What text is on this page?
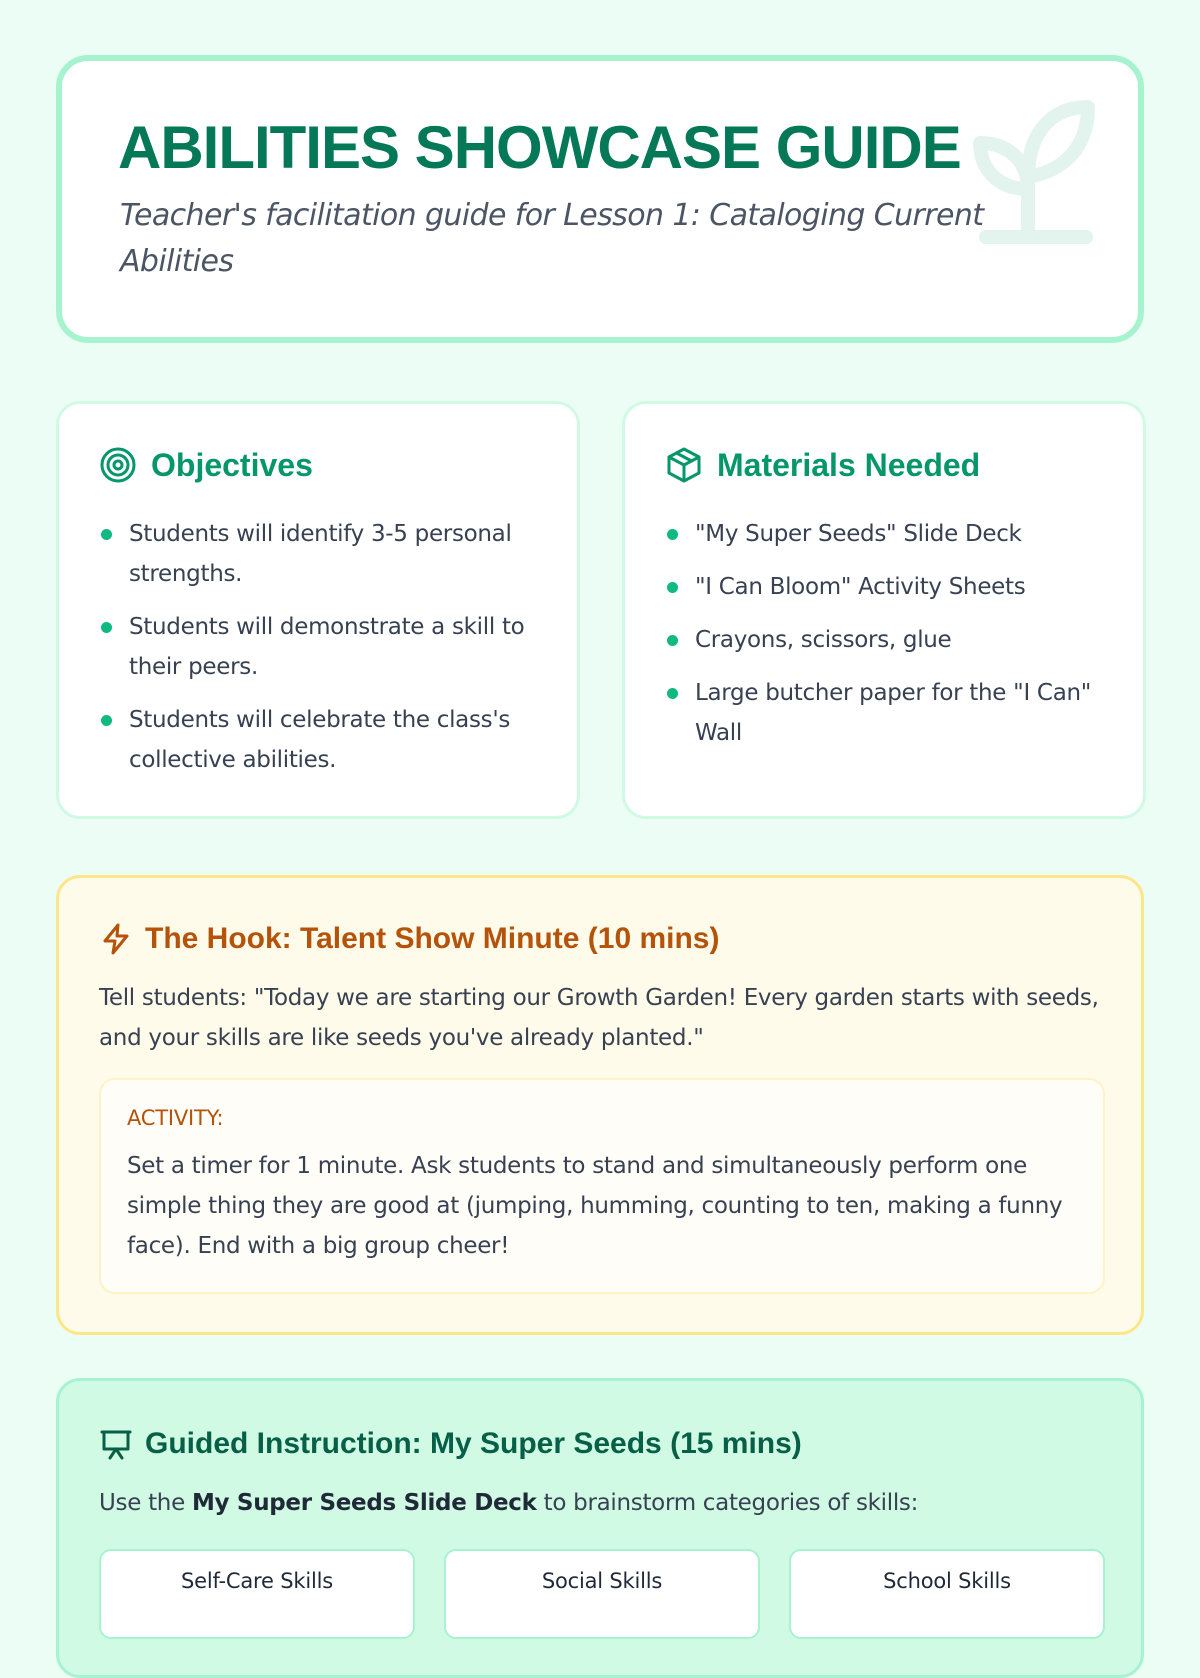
ABILITIES SHOWCASE GUIDE

Teacher's facilitation guide for Lesson 1: Cataloging Current Abilities

Objectives
Students will identify 3-5 personal strengths.
Students will demonstrate a skill to their peers.
Students will celebrate the class's collective abilities.
Materials Needed
"My Super Seeds" Slide Deck
"I Can Bloom" Activity Sheets
Crayons, scissors, glue
Large butcher paper for the "I Can" Wall
The Hook: Talent Show Minute (10 mins)

Tell students: "Today we are starting our Growth Garden! Every garden starts with seeds, and your skills are like seeds you've already planted."

ACTIVITY:

Set a timer for 1 minute. Ask students to stand and simultaneously perform one simple thing they are good at (jumping, humming, counting to ten, making a funny face). End with a big group cheer!

Guided Instruction: My Super Seeds (15 mins)

Use the My Super Seeds Slide Deck to brainstorm categories of skills:

Self-Care Skills	Social Skills	School Skills
